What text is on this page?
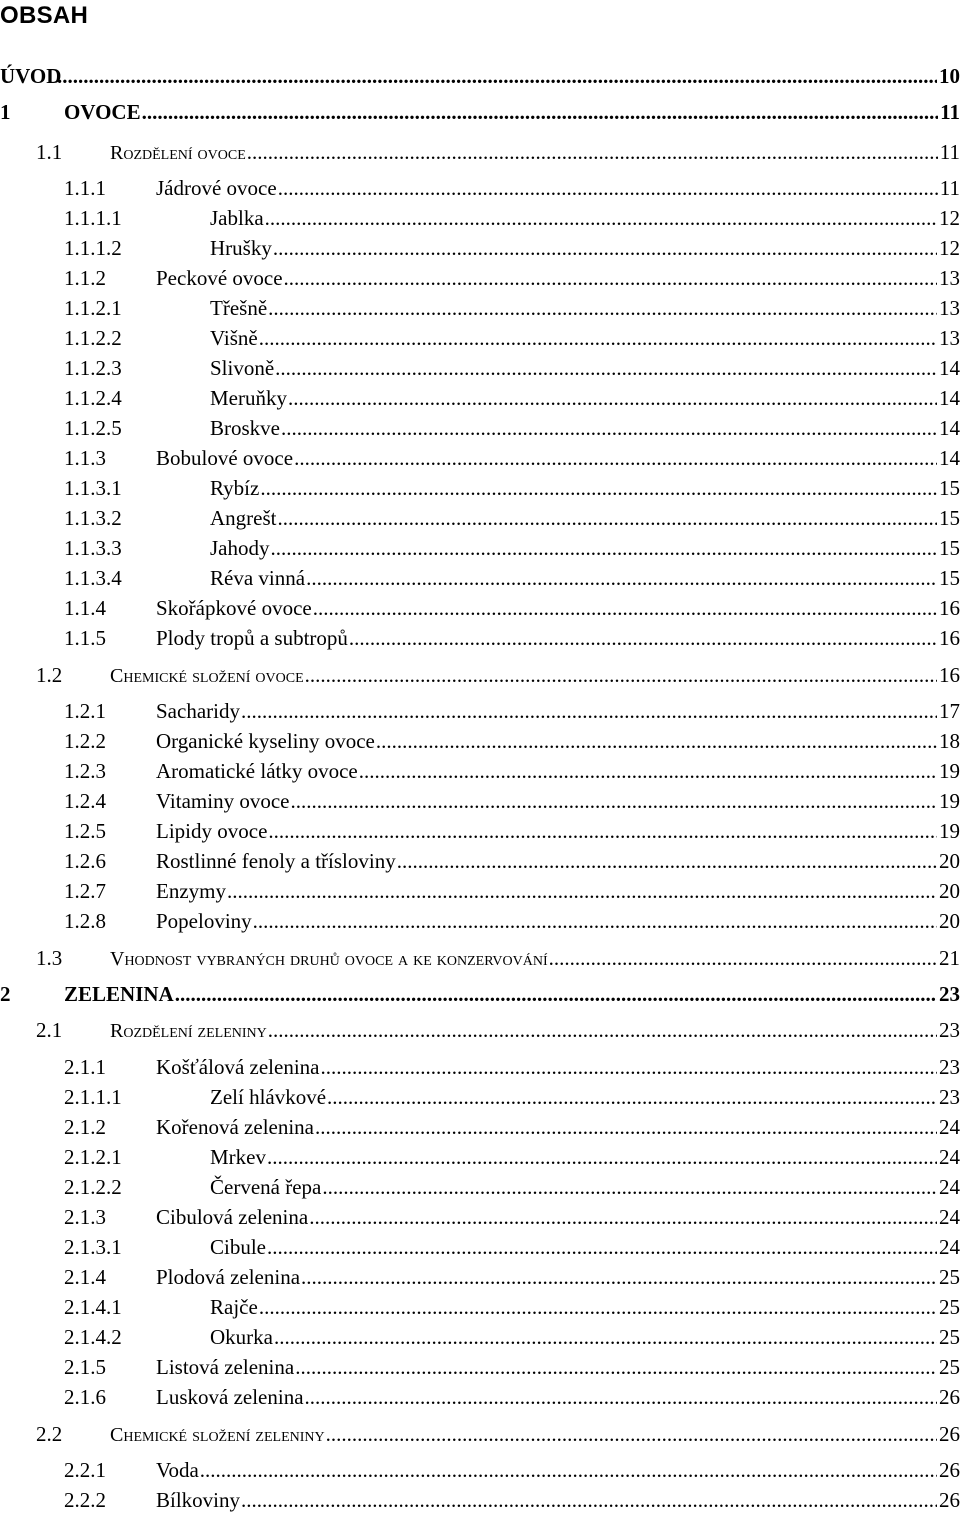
OBSAH
ÚVOD .....	10
1	OVOCE .....	11
1.1 Rozdělení ovoce .....	11
1.1.1 Jádrové ovoce .....	11
1.1.1.1	Jablka .....	12
1.1.1.2	Hrušky .....	12
1.1.2 Peckové ovoce .....	13
1.1.2.1	Třešně .....	13
1.1.2.2	Višně .....	13
1.1.2.3	Slivoně .....	14
1.1.2.4	Meruňky .....	14
1.1.2.5	Broskve .....	14
1.1.3 Bobulové ovoce .....	14
1.1.3.1	Rybíz .....	15
1.1.3.2	Angrešt .....	15
1.1.3.3	Jahody .....	15
1.1.3.4	Réva vinná .....	15
1.1.4 Skořápkové ovoce .....	16
1.1.5 Plody tropů a subtropů .....	16
1.2 Chemické složení ovoce .....	16
1.2.1 Sacharidy .....	17
1.2.2 Organické kyseliny ovoce .....	18
1.2.3 Aromatické látky ovoce .....	19
1.2.4 Vitaminy ovoce .....	19
1.2.5 Lipidy ovoce .....	19
1.2.6 Rostlinné fenoly a třísloviny .....	20
1.2.7 Enzymy .....	20
1.2.8 Popeloviny .....	20
1.3 Vhodnost vybraných druhů ovoce a ke konzervování .....	21
2	ZELENINA .....	23
2.1 Rozdělení zeleniny .....	23
2.1.1 Košťálová zelenina .....	23
2.1.1.1	Zelí hlávkové .....	23
2.1.2 Kořenová zelenina .....	24
2.1.2.1	Mrkev .....	24
2.1.2.2	Červená řepa .....	24
2.1.3 Cibulová zelenina .....	24
2.1.3.1	Cibule .....	24
2.1.4 Plodová zelenina .....	25
2.1.4.1	Rajče .....	25
2.1.4.2	Okurka .....	25
2.1.5 Listová zelenina .....	25
2.1.6 Lusková zelenina .....	26
2.2 Chemické složení zeleniny .....	26
2.2.1 Voda .....	26
2.2.2 Bílkoviny .....	26
